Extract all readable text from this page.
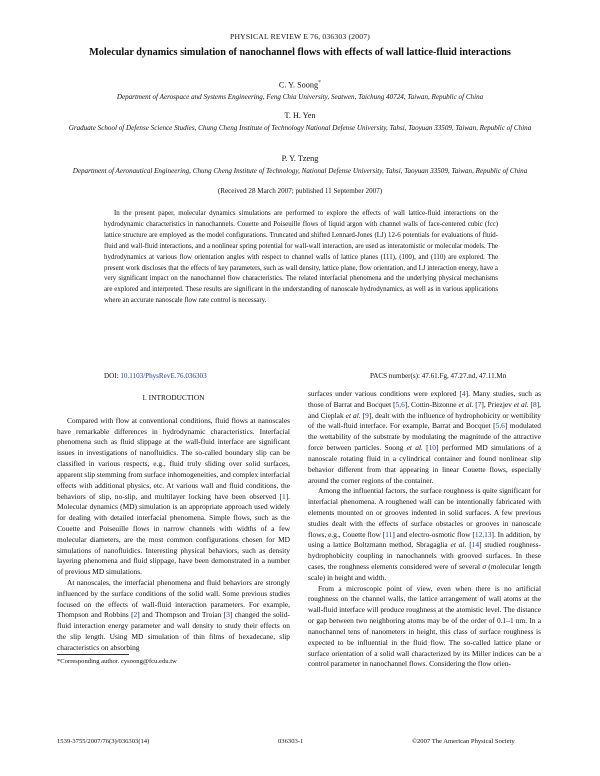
PHYSICAL REVIEW E 76, 036303 (2007)
Molecular dynamics simulation of nanochannel flows with effects of wall lattice-fluid interactions
C. Y. Soong*
Department of Aerospace and Systems Engineering, Feng Chia University, Seatwen, Taichung 40724, Taiwan, Republic of China
T. H. Yen
Graduate School of Defense Science Studies, Chung Cheng Institute of Technology National Defense University, Tahsi, Taoyuan 33509, Taiwan, Republic of China
P. Y. Tzeng
Department of Aeronautical Engineering, Chung Cheng Institute of Technology, National Defense University, Tahsi, Taoyuan 33509, Taiwan, Republic of China
(Received 28 March 2007; published 11 September 2007)
In the present paper, molecular dynamics simulations are performed to explore the effects of wall lattice-fluid interactions on the hydrodynamic characteristics in nanochannels. Couette and Poiseuille flows of liquid argon with channel walls of face-centered cubic (fcc) lattice structure are employed as the model configurations. Truncated and shifted Lennard-Jones (LJ) 12-6 potentials for evaluations of fluid-fluid and wall-fluid interactions, and a nonlinear spring potential for wall-wall interaction, are used as interatomistic or molecular models. The hydrodynamics at various flow orientation angles with respect to channel walls of lattice planes (111), (100), and (110) are explored. The present work discloses that the effects of key parameters, such as wall density, lattice plane, flow orientation, and LJ interaction energy, have a very significant impact on the nanochannel flow characteristics. The related interfacial phenomena and the underlying physical mechanisms are explored and interpreted. These results are significant in the understanding of nanoscale hydrodynamics, as well as in various applications where an accurate nanoscale flow rate control is necessary.
DOI: 10.1103/PhysRevE.76.036303	PACS number(s): 47.61.Fg, 47.27.nd, 47.11.Mn

I. INTRODUCTION

Compared with flow at conventional conditions, fluid flows at nanoscales have remarkable differences in hydrodynamic characteristics. Interfacial phenomena such as fluid slippage at the wall-fluid interface are significant issues in investigations of nanofluidics. The so-called boundary slip can be classified in various respects, e.g., fluid truly sliding over solid surfaces, apparent slip stemming from surface inhomogeneities, and complex interfacial effects with additional physics, etc. At various wall and fluid conditions, the behaviors of slip, no-slip, and multilayer locking have been observed [1]. Molecular dynamics (MD) simulation is an appropriate approach used widely for dealing with detailed interfacial phenomena. Simple flows, such as the Couette and Poiseuille flows in narrow channels with widths of a few molecular diameters, are the most common configurations chosen for MD simulations of nanofluidics. Interesting physical behaviors, such as density layering phenomena and fluid slippage, have been demonstrated in a number of previous MD simulations.

At nanoscales, the interfacial phenomena and fluid behaviors are strongly influenced by the surface conditions of the solid wall. Some previous studies focused on the effects of wall-fluid interaction parameters. For example, Thompson and Robbins [2] and Thompson and Troian [3] changed the solid-fluid interaction energy parameter and wall density to study their effects on the slip length. Using MD simulation of thin films of hexadecane, slip characteristics on absorbing

surfaces under various conditions were explored [4]. Many studies, such as those of Barrat and Bocquet [5,6], Cottin-Bizonne et al. [7], Priezjev et al. [8], and Cieplak et al. [9], dealt with the influence of hydrophobicity or wettibility of the wall-fluid interface. For example, Barrat and Bocquet [5,6] modulated the wettability of the substrate by modulating the magnitude of the attractive force between particles. Soong et al. [10] performed MD simulations of a nanoscale rotating fluid in a cylindrical container and found nonlinear slip behavior different from that appearing in linear Couette flows, especially around the corner regions of the container.

Among the influential factors, the surface roughness is quite significant for interfacial phenomena. A roughened wall can be intentionally fabricated with elements mounted on or grooves indented in solid surfaces. A few previous studies dealt with the effects of surface obstacles or grooves in nanoscale flows, e.g., Couette flow [11] and electro-osmotic flow [12,13]. In addition, by using a lattice Boltzmann method, Sbragaglia et al. [14] studied roughness-hydrophobicity coupling in nanochannels with grooved surfaces. In these cases, the roughness elements considered were of several σ (molecular length scale) in height and width.

From a microscopic point of view, even when there is no artificial roughness on the channel walls, the lattice arrangement of wall atoms at the wall-fluid interface will produce roughness at the atomistic level. The distance or gap between two neighboring atoms may be of the order of 0.1–1 nm. In a nanochannel tens of nanometers in height, this class of surface roughness is expected to be influential in the fluid flow. The so-called lattice plane or surface orientation of a solid wall characterized by its Miller indices can be a control parameter in nanochannel flows. Considering the flow orien-

*Corresponding author. cysoong@fcu.edu.tw
1539-3755/2007/76(3)/036303(14)	036303-1	©2007 The American Physical Society
